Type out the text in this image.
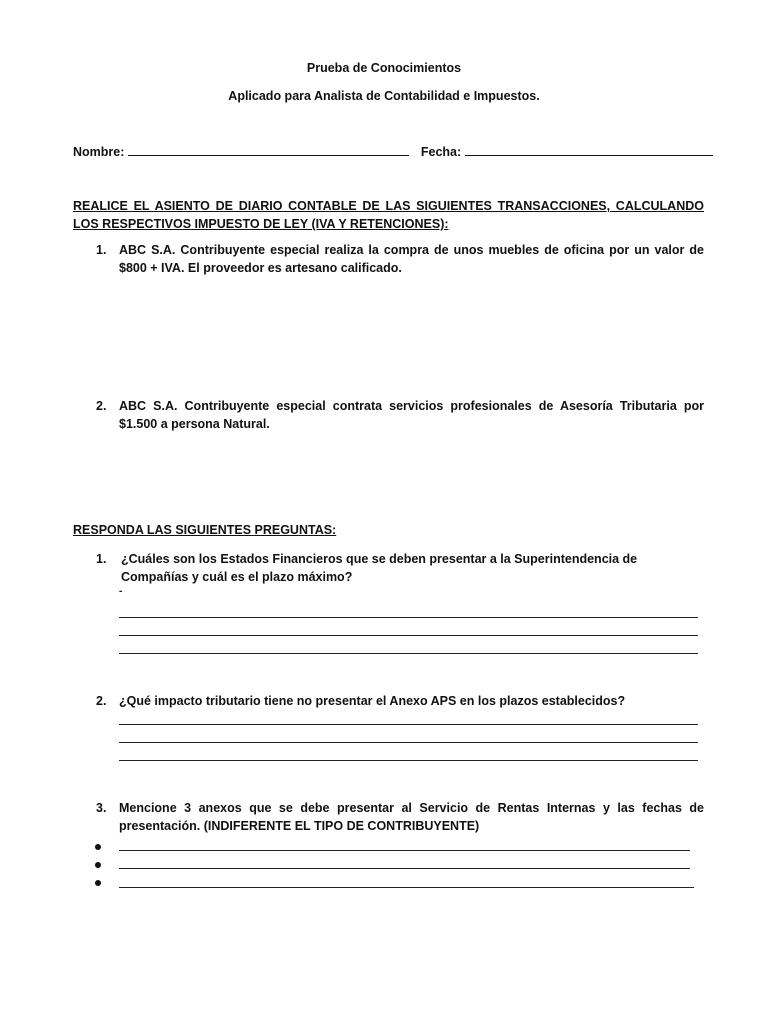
Prueba de Conocimientos
Aplicado para Analista de Contabilidad e Impuestos.
Nombre:	Fecha:
REALICE EL ASIENTO DE DIARIO CONTABLE DE LAS SIGUIENTES TRANSACCIONES, CALCULANDO LOS RESPECTIVOS IMPUESTO DE LEY (IVA Y RETENCIONES):
1.	ABC S.A. Contribuyente especial realiza la compra de unos muebles de oficina por un valor de $800 + IVA. El proveedor es artesano calificado.
2.	ABC S.A. Contribuyente especial contrata servicios profesionales de Asesoría Tributaria por $1.500 a persona Natural.
RESPONDA LAS SIGUIENTES PREGUNTAS:
1.	¿Cuáles son los Estados Financieros que se deben presentar a la Superintendencia de Compañías y cuál es el plazo máximo?
-
2.	¿Qué impacto tributario tiene no presentar el Anexo APS en los plazos establecidos?
3.	Mencione 3 anexos que se debe presentar al Servicio de Rentas Internas y las fechas de presentación. (INDIFERENTE EL TIPO DE CONTRIBUYENTE)
